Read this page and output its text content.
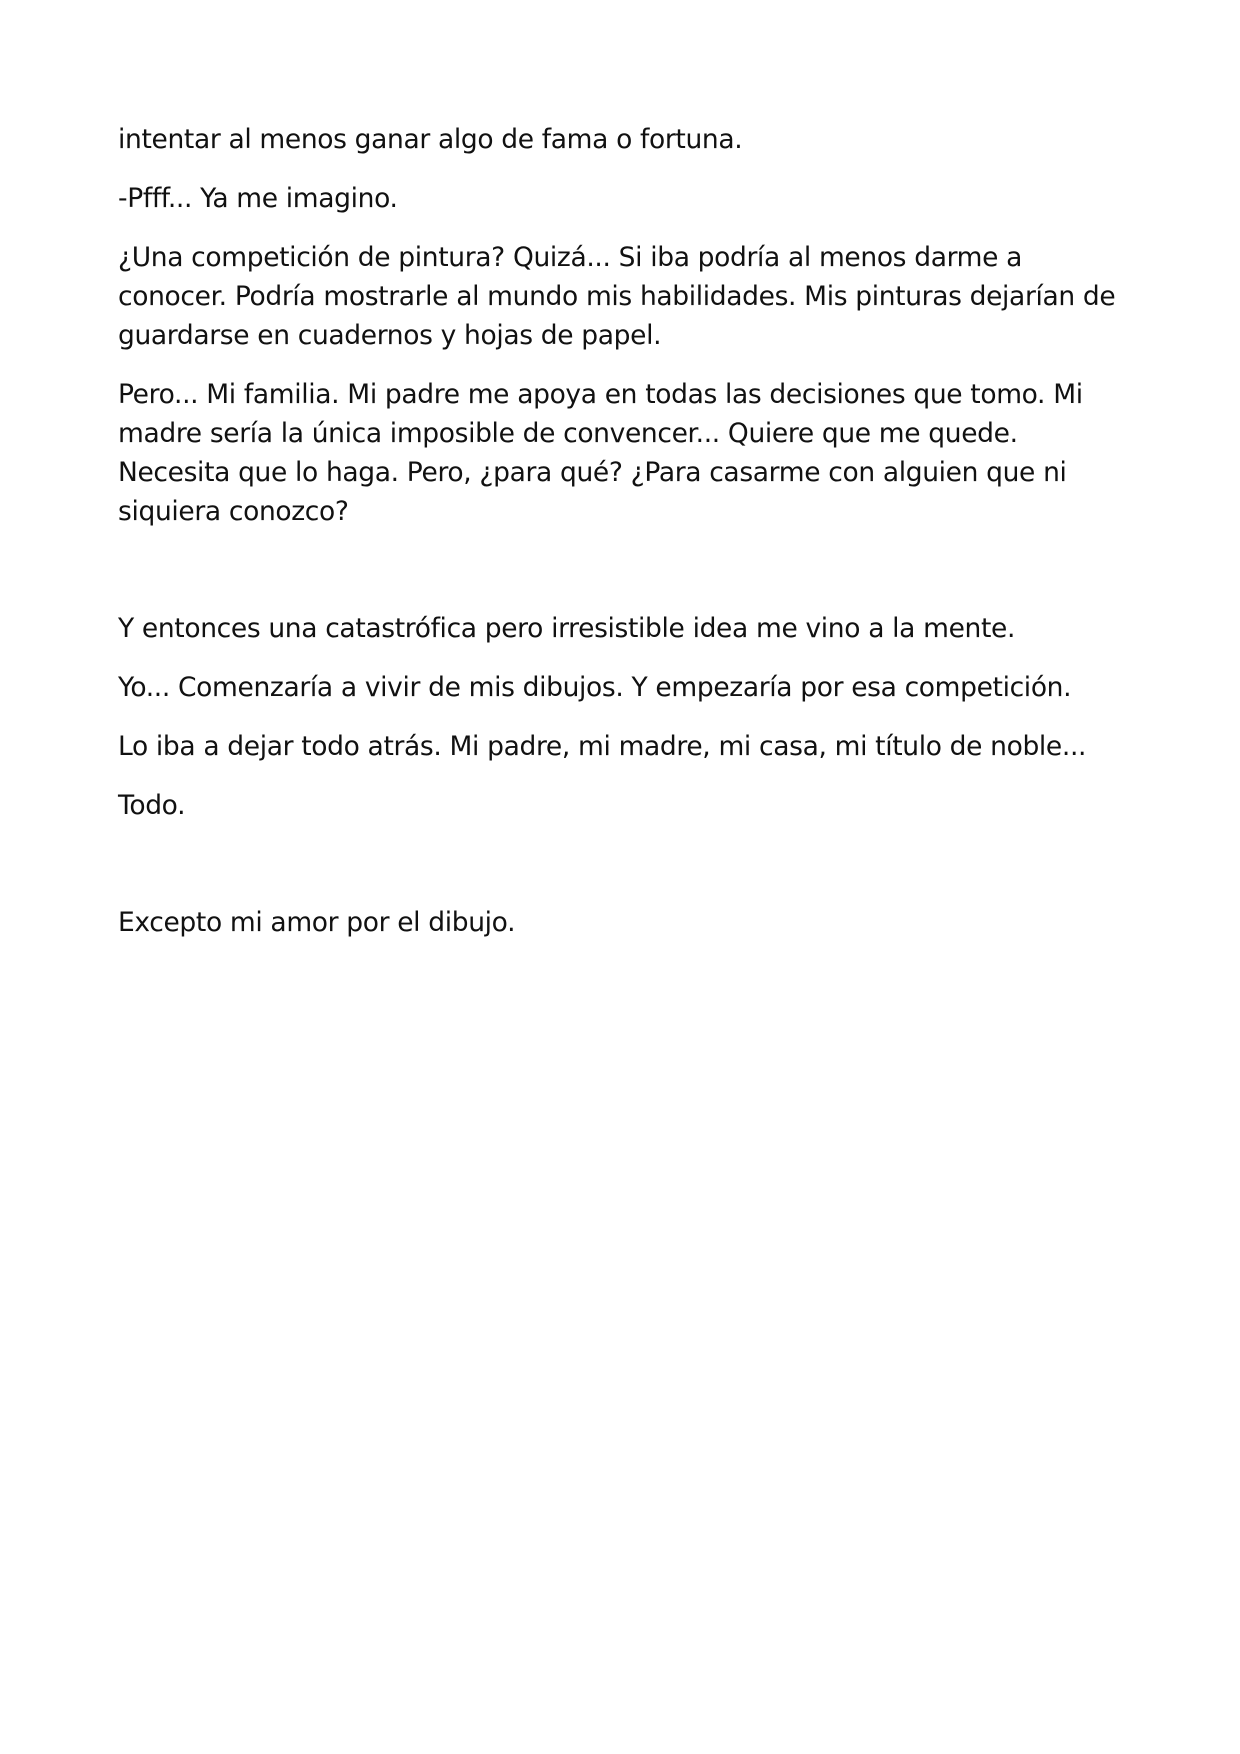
intentar al menos ganar algo de fama o fortuna.

-Pfff... Ya me imagino.

¿Una competición de pintura? Quizá... Si iba podría al menos darme a conocer. Podría mostrarle al mundo mis habilidades. Mis pinturas dejarían de guardarse en cuadernos y hojas de papel.

Pero... Mi familia. Mi padre me apoya en todas las decisiones que tomo. Mi madre sería la única imposible de convencer... Quiere que me quede. Necesita que lo haga. Pero, ¿para qué? ¿Para casarme con alguien que ni siquiera conozco?

Y entonces una catastrófica pero irresistible idea me vino a la mente.

Yo... Comenzaría a vivir de mis dibujos. Y empezaría por esa competición.

Lo iba a dejar todo atrás. Mi padre, mi madre, mi casa, mi título de noble...

Todo.

Excepto mi amor por el dibujo.
